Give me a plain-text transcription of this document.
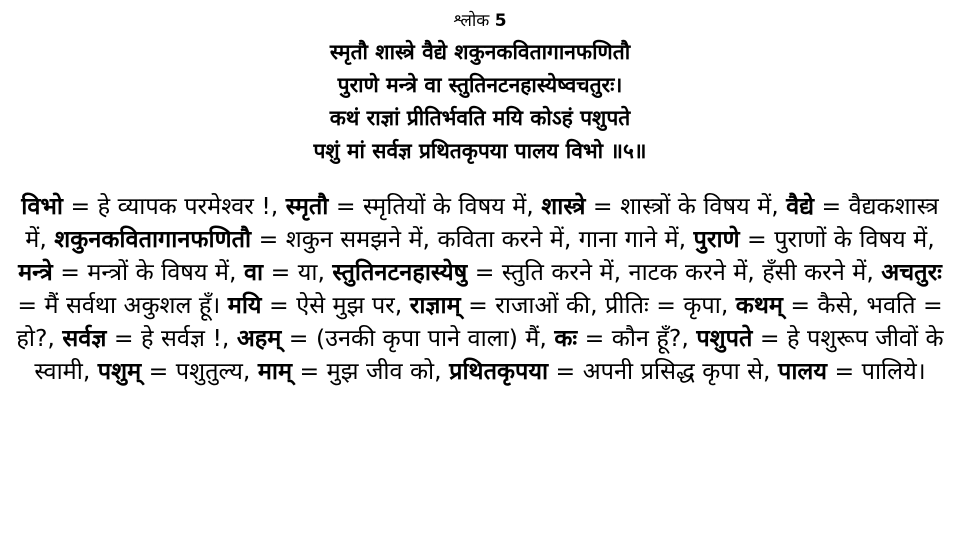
श्लोक 5
स्मृतौ शास्त्रे वैद्ये शकुनकविता‍गानफणितौ
पुराणे मन्त्रे वा स्तुतिनटनहास्येष्वचतुरः।
कथं राज्ञां प्रीतिर्भवति मयि कोऽहं पशुपते
पशुं मां सर्वज्ञ प्रथितकृपया पालय विभो ॥५॥
विभो = हे व्यापक परमेश्वर !, स्मृतौ = स्मृतियों के विषय में, शास्त्रे = शास्त्रों के विषय में, वैद्ये = वैद्यकशास्त्र में, शकुनकवितागानफणितौ = शकुन समझने में, कविता करने में, गाना गाने में, पुराणे = पुराणों के विषय में, मन्त्रे = मन्त्रों के विषय में, वा = या, स्तुतिनटनहास्येषु = स्तुति करने में, नाटक करने में, हँसी करने में, अचतुरः = मैं सर्वथा अकुशल हूँ। मयि = ऐसे मुझ पर, राज्ञाम् = राजाओं की, प्रीतिः = कृपा, कथम् = कैसे, भवति = हो?, सर्वज्ञ = हे सर्वज्ञ !, अहम् = (उनकी कृपा पाने वाला) मैं, कः = कौन हूँ?, पशुपते = हे पशुरूप जीवों के स्वामी, पशुम् = पशुतुल्य, माम् = मुझ जीव को, प्रथितकृपया = अपनी प्रसिद्ध कृपा से, पालय = पालिये।
